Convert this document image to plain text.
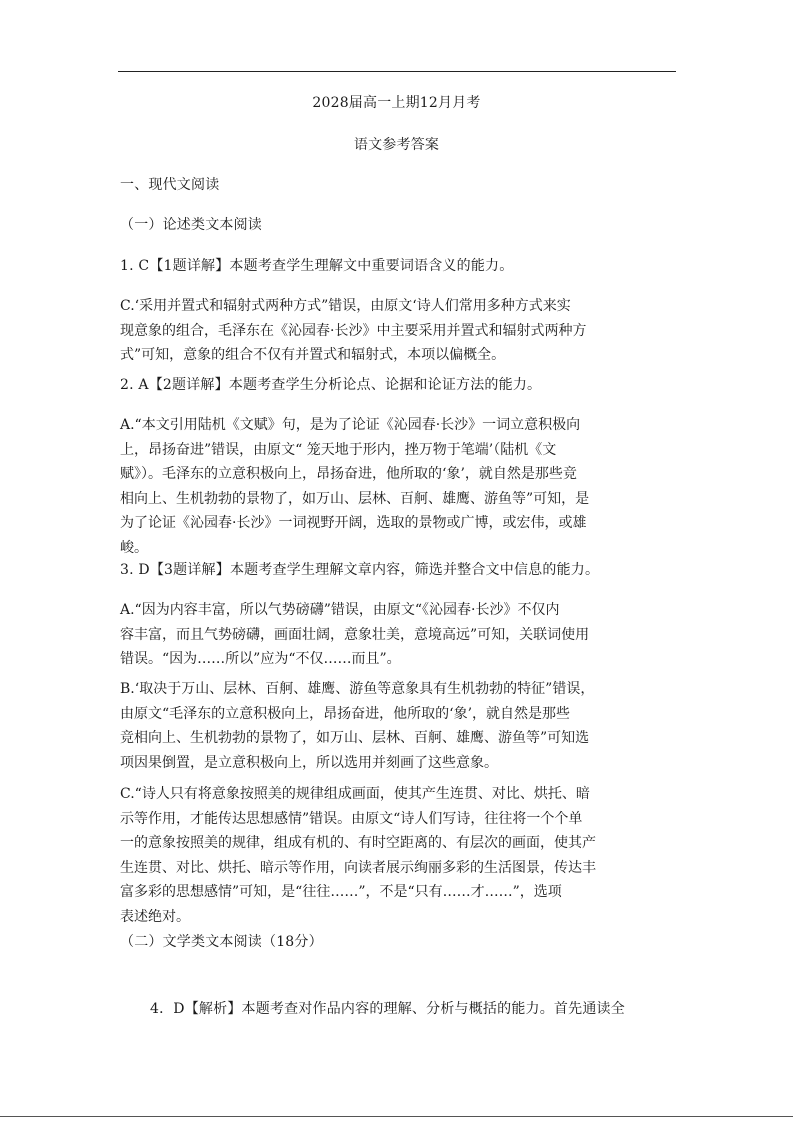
2028届高一上期12月月考
语文参考答案
一、现代文阅读
（一）论述类文本阅读
1. C【1题详解】本题考查学生理解文中重要词语含义的能力。
C.‘采用并置式和辐射式两种方式”错误，由原文‘诗人们常用多种方式来实
现意象的组合，毛泽东在《沁园春·长沙》中主要采用并置式和辐射式两种方
式”可知，意象的组合不仅有并置式和辐射式，本项以偏概全。
2. A【2题详解】本题考查学生分析论点、论据和论证方法的能力。
A.“本文引用陆机《文赋》句，是为了论证《沁园春·长沙》一词立意积极向
上，昂扬奋进”错误，由原文“ 笼天地于形内，挫万物于笔端’（陆机《文
赋》）。毛泽东的立意积极向上，昂扬奋进，他所取的‘象’，就自然是那些竞
相向上、生机勃勃的景物了，如万山、层林、百舸、雄鹰、游鱼等”可知，是
为了论证《沁园春·长沙》一词视野开阔，选取的景物或广博，或宏伟，或雄
峻。
3. D【3题详解】本题考查学生理解文章内容，筛选并整合文中信息的能力。
A.“因为内容丰富，所以气势磅礴”错误，由原文“《沁园春·长沙》不仅内
容丰富，而且气势磅礴，画面壮阔，意象壮美，意境高远”可知，关联词使用
错误。“因为……所以”应为“不仅……而且”。
B.‘取决于万山、层林、百舸、雄鹰、游鱼等意象具有生机勃勃的特征”错误，
由原文“毛泽东的立意积极向上，昂扬奋进，他所取的‘象’，就自然是那些
竞相向上、生机勃勃的景物了，如万山、层林、百舸、雄鹰、游鱼等”可知选
项因果倒置，是立意积极向上，所以选用并刻画了这些意象。
C.“诗人只有将意象按照美的规律组成画面，使其产生连贯、对比、烘托、暗
示等作用，才能传达思想感情”错误。由原文“诗人们写诗，往往将一个个单
一的意象按照美的规律，组成有机的、有时空距离的、有层次的画面，使其产
生连贯、对比、烘托、暗示等作用，向读者展示绚丽多彩的生活图景，传达丰
富多彩的思想感情”可知，是“往往……”，不是“只有……才……”，选项
表述绝对。
（二）文学类文本阅读（18分）
4．D【解析】本题考查对作品内容的理解、分析与概括的能力。首先通读全
